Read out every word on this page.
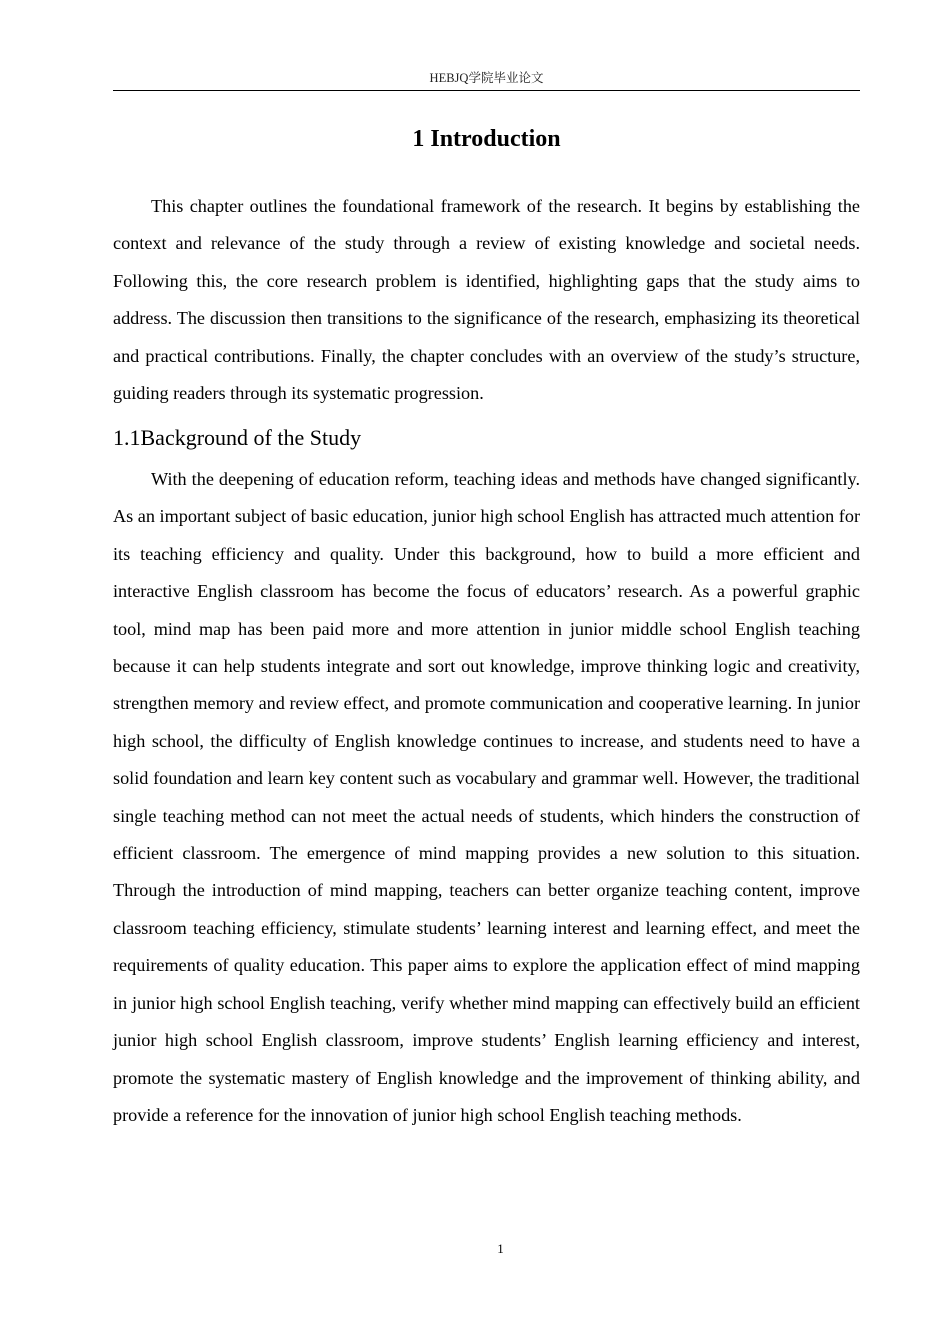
HEBJQ学院毕业论文
1 Introduction

This chapter outlines the foundational framework of the research. It begins by establishing the context and relevance of the study through a review of existing knowledge and societal needs. Following this, the core research problem is identified, highlighting gaps that the study aims to address. The discussion then transitions to the significance of the research, emphasizing its theoretical and practical contributions. Finally, the chapter concludes with an overview of the study’s structure, guiding readers through its systematic progression.

1.1Background of the Study

With the deepening of education reform, teaching ideas and methods have changed significantly. As an important subject of basic education, junior high school English has attracted much attention for its teaching efficiency and quality. Under this background, how to build a more efficient and interactive English classroom has become the focus of educators’ research. As a powerful graphic tool, mind map has been paid more and more attention in junior middle school English teaching because it can help students integrate and sort out knowledge, improve thinking logic and creativity, strengthen memory and review effect, and promote communication and cooperative learning. In junior high school, the difficulty of English knowledge continues to increase, and students need to have a solid foundation and learn key content such as vocabulary and grammar well. However, the traditional single teaching method can not meet the actual needs of students, which hinders the construction of efficient classroom. The emergence of mind mapping provides a new solution to this situation. Through the introduction of mind mapping, teachers can better organize teaching content, improve classroom teaching efficiency, stimulate students’ learning interest and learning effect, and meet the requirements of quality education. This paper aims to explore the application effect of mind mapping in junior high school English teaching, verify whether mind mapping can effectively build an efficient junior high school English classroom, improve students’ English learning efficiency and interest, promote the systematic mastery of English knowledge and the improvement of thinking ability, and provide a reference for the innovation of junior high school English teaching methods.

1
